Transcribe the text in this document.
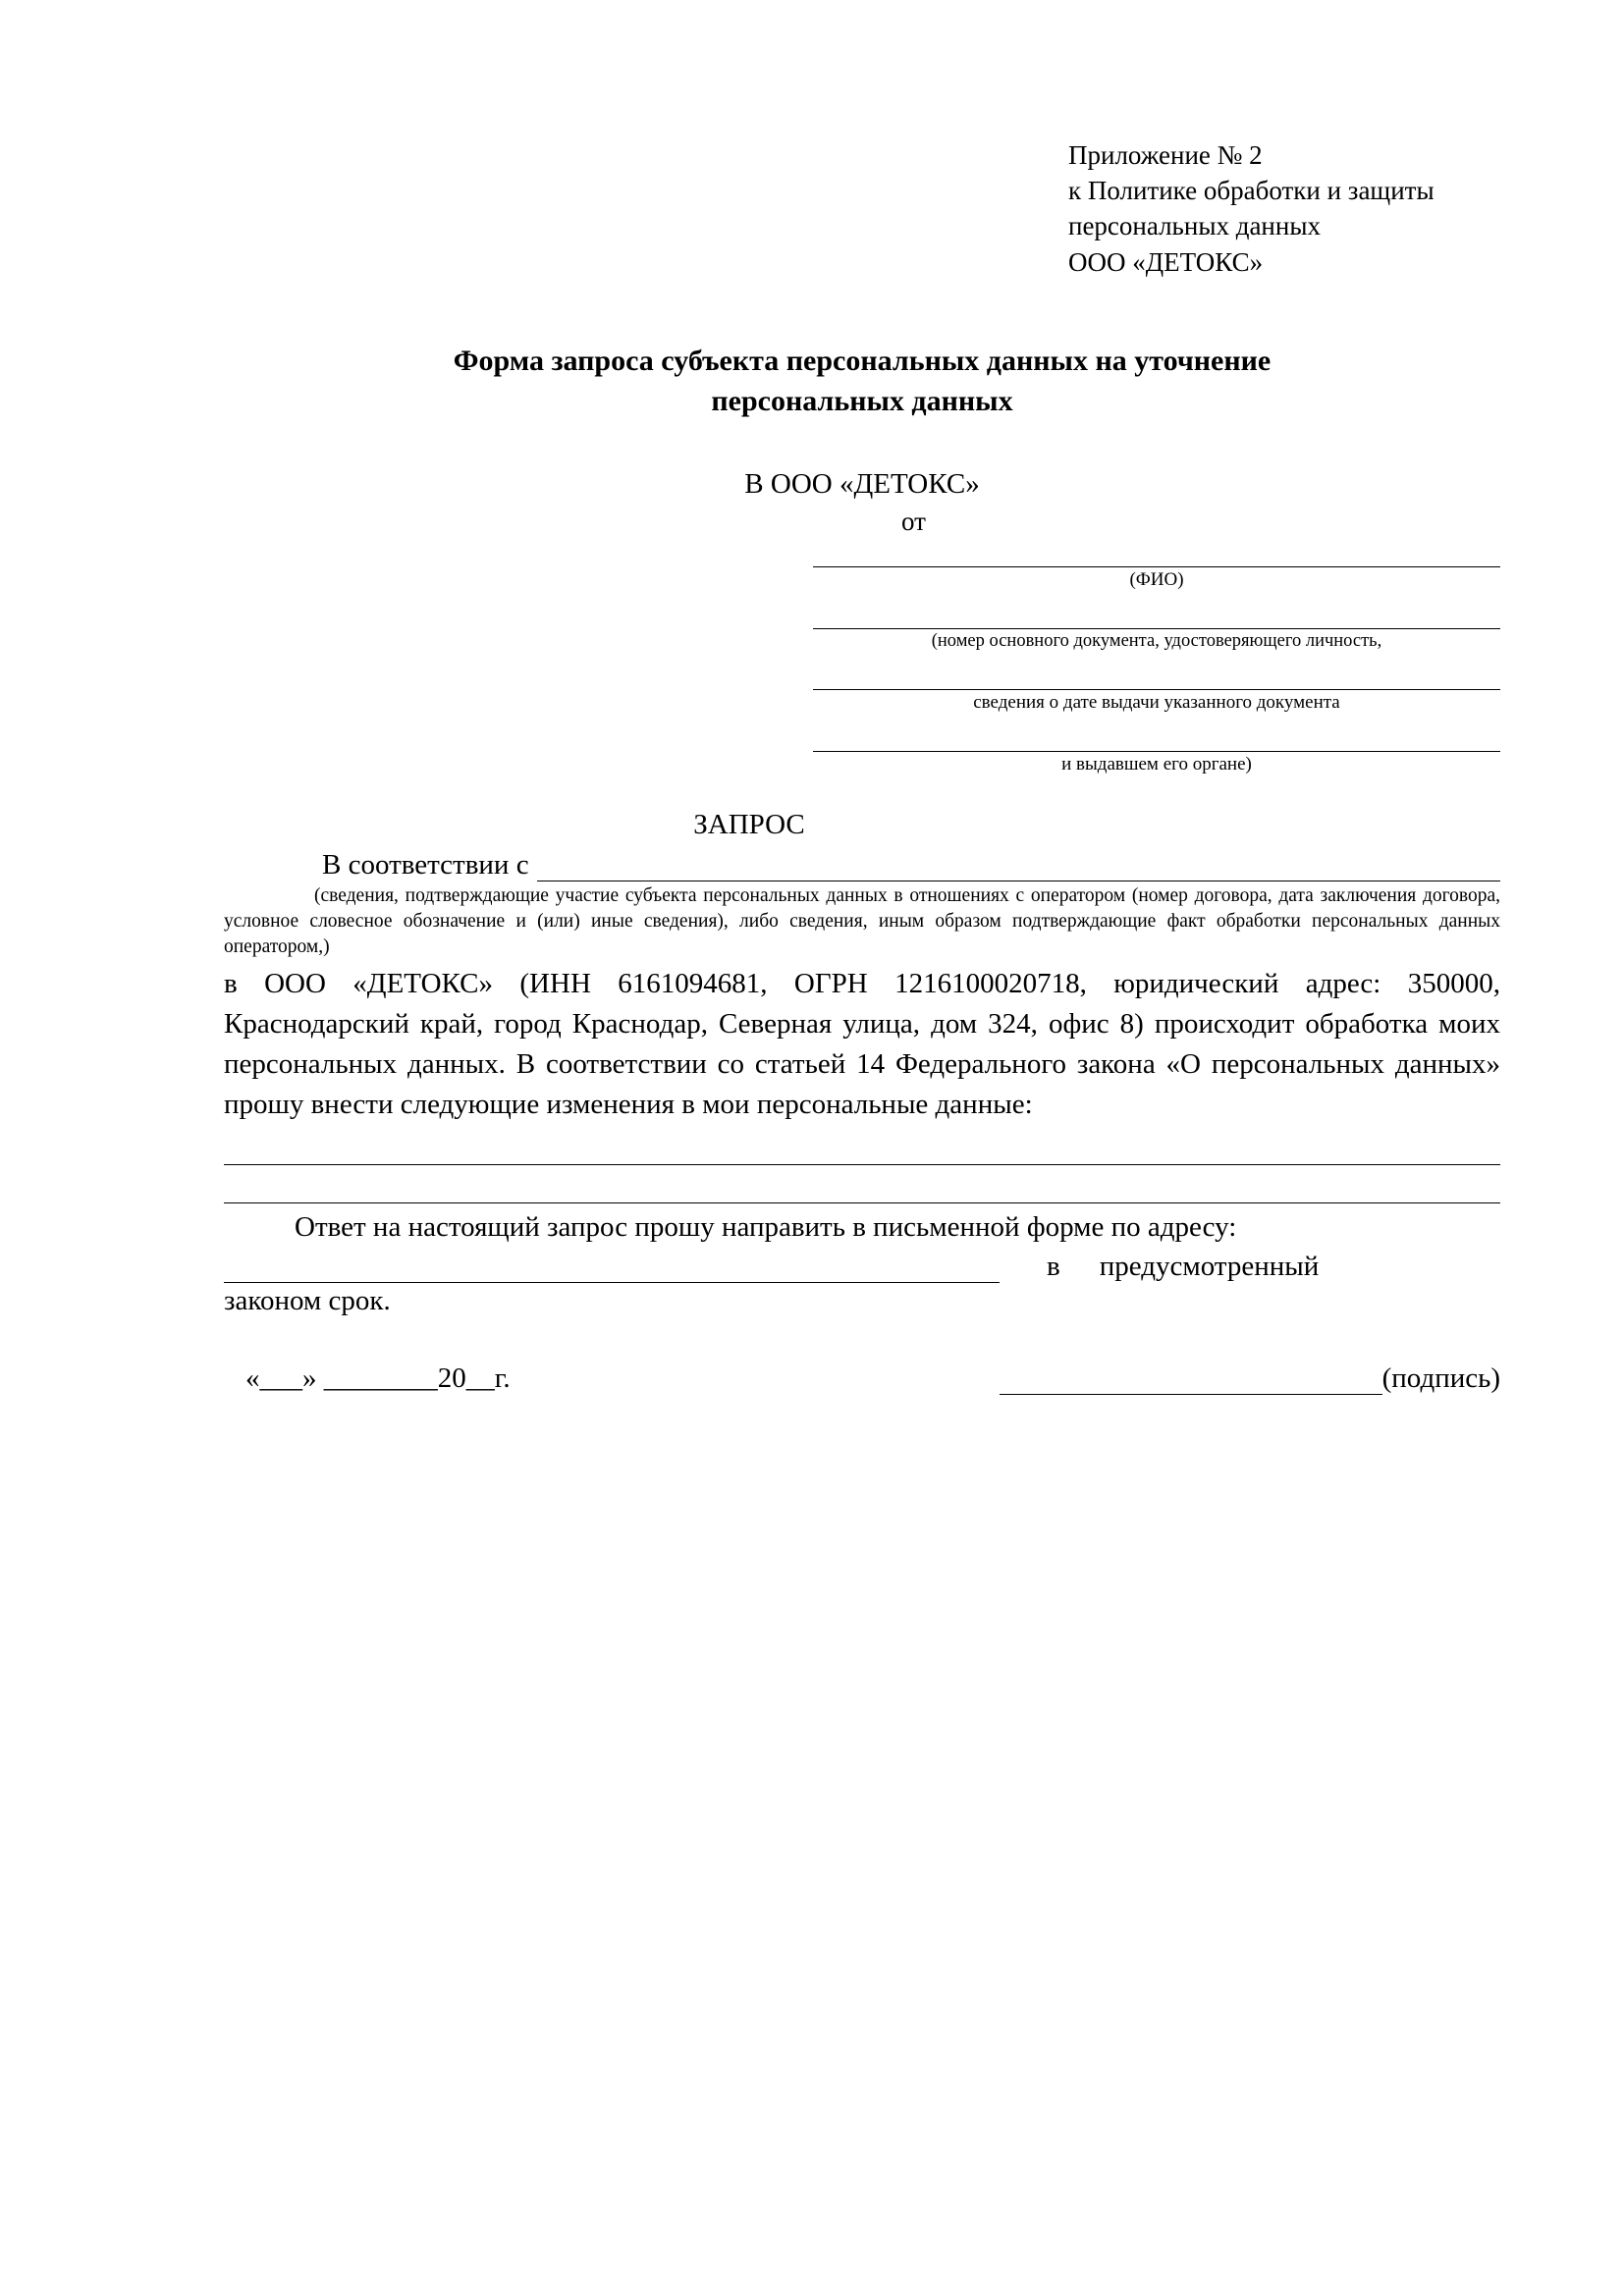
Приложение № 2
к Политике обработки и защиты
персональных данных
ООО «ДЕТОКС»
Форма запроса субъекта персональных данных на уточнение
персональных данных
В ООО «ДЕТОКС»
от
(ФИО)
(номер основного документа, удостоверяющего личность,
сведения о дате выдачи указанного документа
и выдавшем его органе)
ЗАПРОС
В соответствии с
(сведения, подтверждающие участие субъекта персональных данных в отношениях с оператором (номер договора, дата заключения договора, условное словесное обозначение и (или) иные сведения), либо сведения, иным образом подтверждающие факт обработки персональных данных оператором,)
в ООО «ДЕТОКС» (ИНН 6161094681, ОГРН 1216100020718, юридический адрес: 350000, Краснодарский край, город Краснодар, Северная улица, дом 324, офис 8) происходит обработка моих персональных данных. В соответствии со статьей 14 Федерального закона «О персональных данных» прошу внести следующие изменения в мои персональные данные:
Ответ на настоящий запрос прошу направить в письменной форме по адресу:
в	предусмотренный
законом срок.
«___» ________20__г.	(подпись)
